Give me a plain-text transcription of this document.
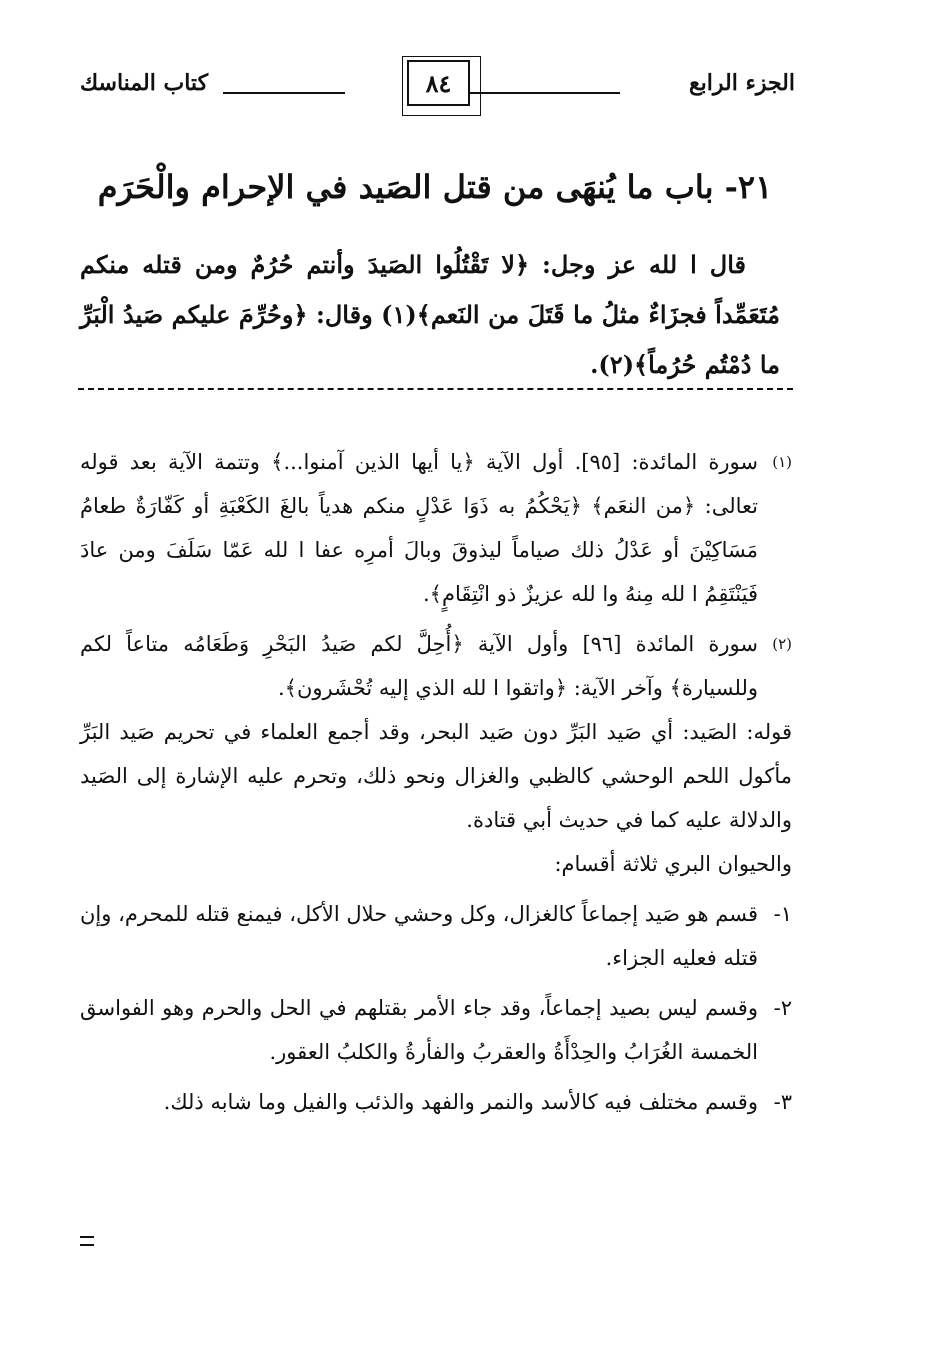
الجزء الرابع
٨٤
كتاب المناسك
٢١- باب ما يُنهَى من قتل الصَيد في الإحرام والْحَرَم

قال ا لله عز وجل: ﴿لا تَقْتُلُوا الصَيدَ وأنتم حُرُمٌ ومن قتله منكم مُتَعَمِّداً فجزَاءٌ مثلُ ما قَتَلَ من النَعم﴾(١) وقال: ﴿وحُرِّمَ عليكم صَيدُ الْبَرِّ ما دُمْتُم حُرُماً﴾(٢).

(١)
سورة المائدة: [٩٥]. أول الآية ﴿يا أيها الذين آمنوا...﴾ وتتمة الآية بعد قوله تعالى: ﴿من النعَم﴾ ﴿يَحْكُمُ به ذَوَا عَدْلٍ منكم هدياً بالغَ الكَعْبَةِ أو كَفّارَةٌ طعامُ مَسَاكِيْنَ أو عَدْلُ ذلك صياماً ليذوقَ وبالَ أمرِه عفا ا لله عَمّا سَلَفَ ومن عادَ فَيَنْتَقِمُ ا لله مِنهُ وا لله عزيزٌ ذو انْتِقَامٍ﴾.
(٢)
سورة المائدة [٩٦] وأول الآية ﴿أُحِلَّ لكم صَيدُ البَحْرِ وَطَعَامُه متاعاً لكم وللسيارة﴾ وآخر الآية: ﴿واتقوا ا لله الذي إليه تُحْشَرون﴾.
قوله: الصَيد: أي صَيد البَرِّ دون صَيد البحر، وقد أجمع العلماء في تحريم صَيد البَرِّ مأكول اللحم الوحشي كالظبي والغزال ونحو ذلك، وتحرم عليه الإشارة إلى الصَيد والدلالة عليه كما في حديث أبي قتادة.
والحيوان البري ثلاثة أقسام:
١-
قسم هو صَيد إجماعاً كالغزال، وكل وحشي حلال الأكل، فيمنع قتله للمحرم، وإن قتله فعليه الجزاء.
٢-
وقسم ليس بصيد إجماعاً، وقد جاء الأمر بقتلهم في الحل والحرم وهو الفواسق الخمسة الغُرَابُ والحِدْأَةُ والعقربُ والفأرةُ والكلبُ العقور.
٣-
وقسم مختلف فيه كالأسد والنمر والفهد والذئب والفيل وما شابه ذلك.
